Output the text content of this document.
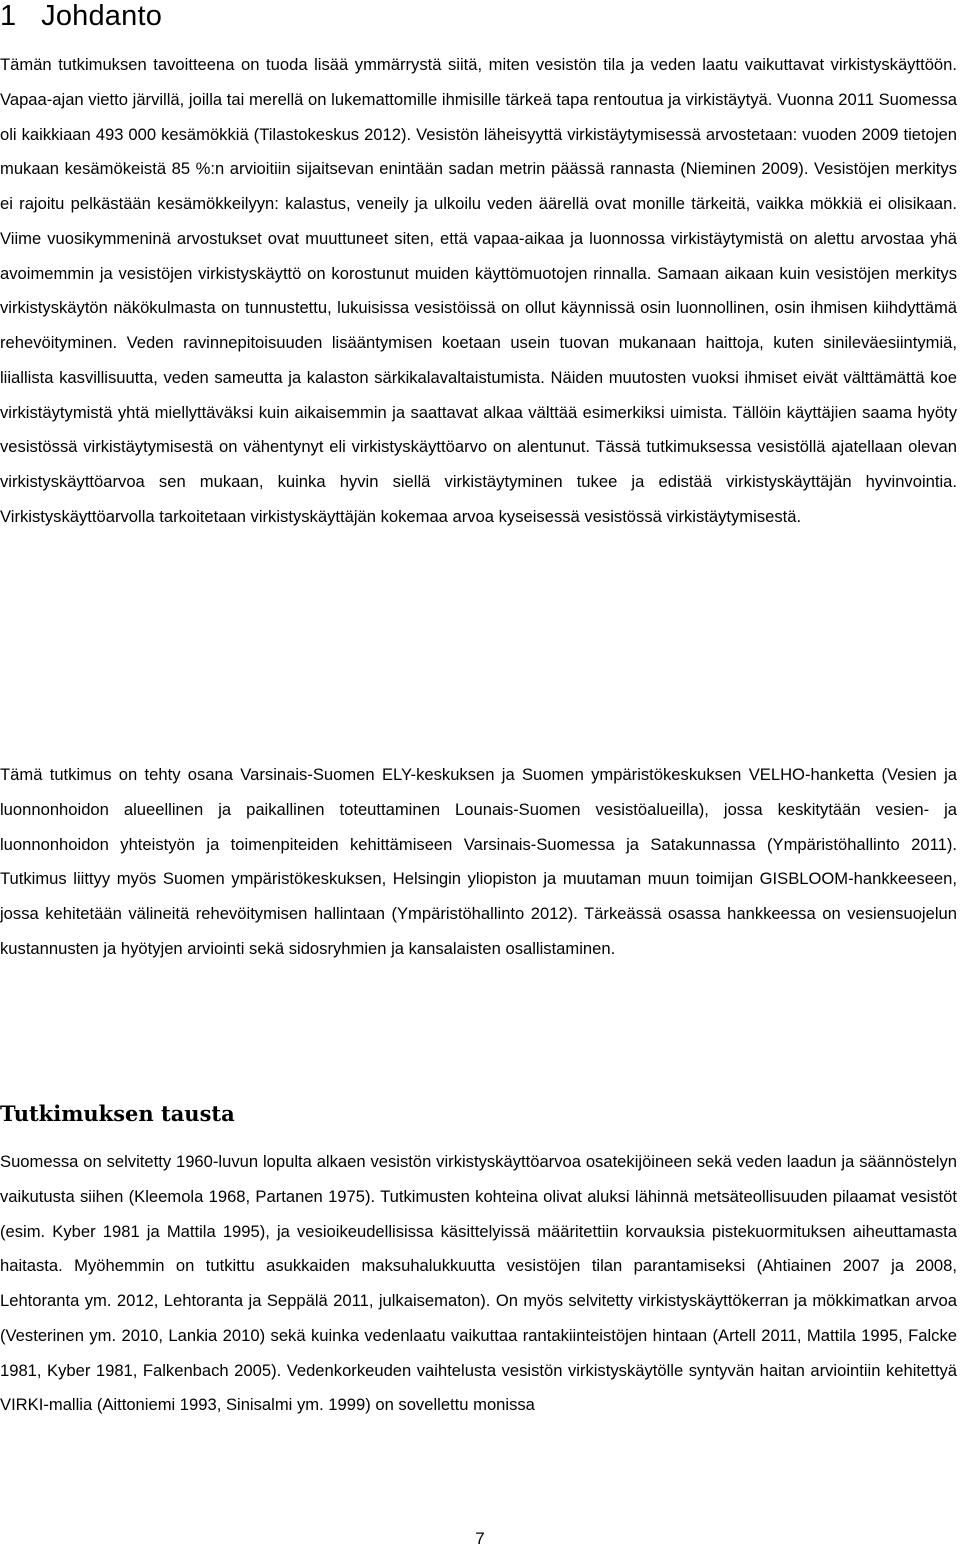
1 Johdanto

Tämän tutkimuksen tavoitteena on tuoda lisää ymmärrystä siitä, miten vesistön tila ja veden laatu vaikuttavat virkistyskäyttöön. Vapaa-ajan vietto järvillä, joilla tai merellä on lukemattomille ihmisille tärkeä tapa rentoutua ja virkistäytyä. Vuonna 2011 Suomessa oli kaikkiaan 493 000 kesämökkiä (Tilastokeskus 2012). Vesistön läheisyyttä virkistäytymisessä arvostetaan: vuoden 2009 tietojen mukaan kesämökeistä 85 %:n arvioitiin sijaitsevan enintään sadan metrin päässä rannasta (Nieminen 2009). Vesistöjen merkitys ei rajoitu pelkästään kesämökkeilyyn: kalastus, veneily ja ulkoilu veden äärellä ovat monille tärkeitä, vaikka mökkiä ei olisikaan. Viime vuosikymmeninä arvostukset ovat muuttuneet siten, että vapaa-aikaa ja luonnossa virkistäytymistä on alettu arvostaa yhä avoimemmin ja vesistöjen virkistyskäyttö on korostunut muiden käyttömuotojen rinnalla. Samaan aikaan kuin vesistöjen merkitys virkistyskäytön näkökulmasta on tunnustettu, lukuisissa vesistöissä on ollut käynnissä osin luonnollinen, osin ihmisen kiihdyttämä rehevöityminen. Veden ravinnepitoisuuden lisääntymisen koetaan usein tuovan mukanaan haittoja, kuten sinileväesiintymiä, liiallista kasvillisuutta, veden sameutta ja kalaston särkikalavaltaistumista. Näiden muutosten vuoksi ihmiset eivät välttämättä koe virkistäytymistä yhtä miellyttäväksi kuin aikaisemmin ja saattavat alkaa välttää esimerkiksi uimista. Tällöin käyttäjien saama hyöty vesistössä virkistäytymisestä on vähentynyt eli virkistyskäyttöarvo on alentunut. Tässä tutkimuksessa vesistöllä ajatellaan olevan virkistyskäyttöarvoa sen mukaan, kuinka hyvin siellä virkistäytyminen tukee ja edistää virkistyskäyttäjän hyvinvointia. Virkistyskäyttöarvolla tarkoitetaan virkistyskäyttäjän kokemaa arvoa kyseisessä vesistössä virkistäytymisestä.

Tämä tutkimus on tehty osana Varsinais-Suomen ELY-keskuksen ja Suomen ympäristökeskuksen VELHO-hanketta (Vesien ja luonnonhoidon alueellinen ja paikallinen toteuttaminen Lounais-Suomen vesistöalueilla), jossa keskitytään vesien- ja luonnonhoidon yhteistyön ja toimenpiteiden kehittämiseen Varsinais-Suomessa ja Satakunnassa (Ympäristöhallinto 2011). Tutkimus liittyy myös Suomen ympäristökeskuksen, Helsingin yliopiston ja muutaman muun toimijan GISBLOOM-hankkeeseen, jossa kehitetään välineitä rehevöitymisen hallintaan (Ympäristöhallinto 2012). Tärkeässä osassa hankkeessa on vesiensuojelun kustannusten ja hyötyjen arviointi sekä sidosryhmien ja kansalaisten osallistaminen.

Tutkimuksen tausta

Suomessa on selvitetty 1960-luvun lopulta alkaen vesistön virkistyskäyttöarvoa osatekijöineen sekä veden laadun ja säännöstelyn vaikutusta siihen (Kleemola 1968, Partanen 1975). Tutkimusten kohteina olivat aluksi lähinnä metsäteollisuuden pilaamat vesistöt (esim. Kyber 1981 ja Mattila 1995), ja vesioikeudellisissa käsittelyissä määritettiin korvauksia pistekuormituksen aiheuttamasta haitasta. Myöhemmin on tutkittu asukkaiden maksuhalukkuutta vesistöjen tilan parantamiseksi (Ahtiainen 2007 ja 2008, Lehtoranta ym. 2012, Lehtoranta ja Seppälä 2011, julkaisematon). On myös selvitetty virkistyskäyttökerran ja mökkimatkan arvoa (Vesterinen ym. 2010, Lankia 2010) sekä kuinka vedenlaatu vaikuttaa rantakiinteistöjen hintaan (Artell 2011, Mattila 1995, Falcke 1981, Kyber 1981, Falkenbach 2005). Vedenkorkeuden vaihtelusta vesistön virkistyskäytölle syntyvän haitan arviointiin kehitettyä VIRKI-mallia (Aittoniemi 1993, Sinisalmi ym. 1999) on sovellettu monissa

7
